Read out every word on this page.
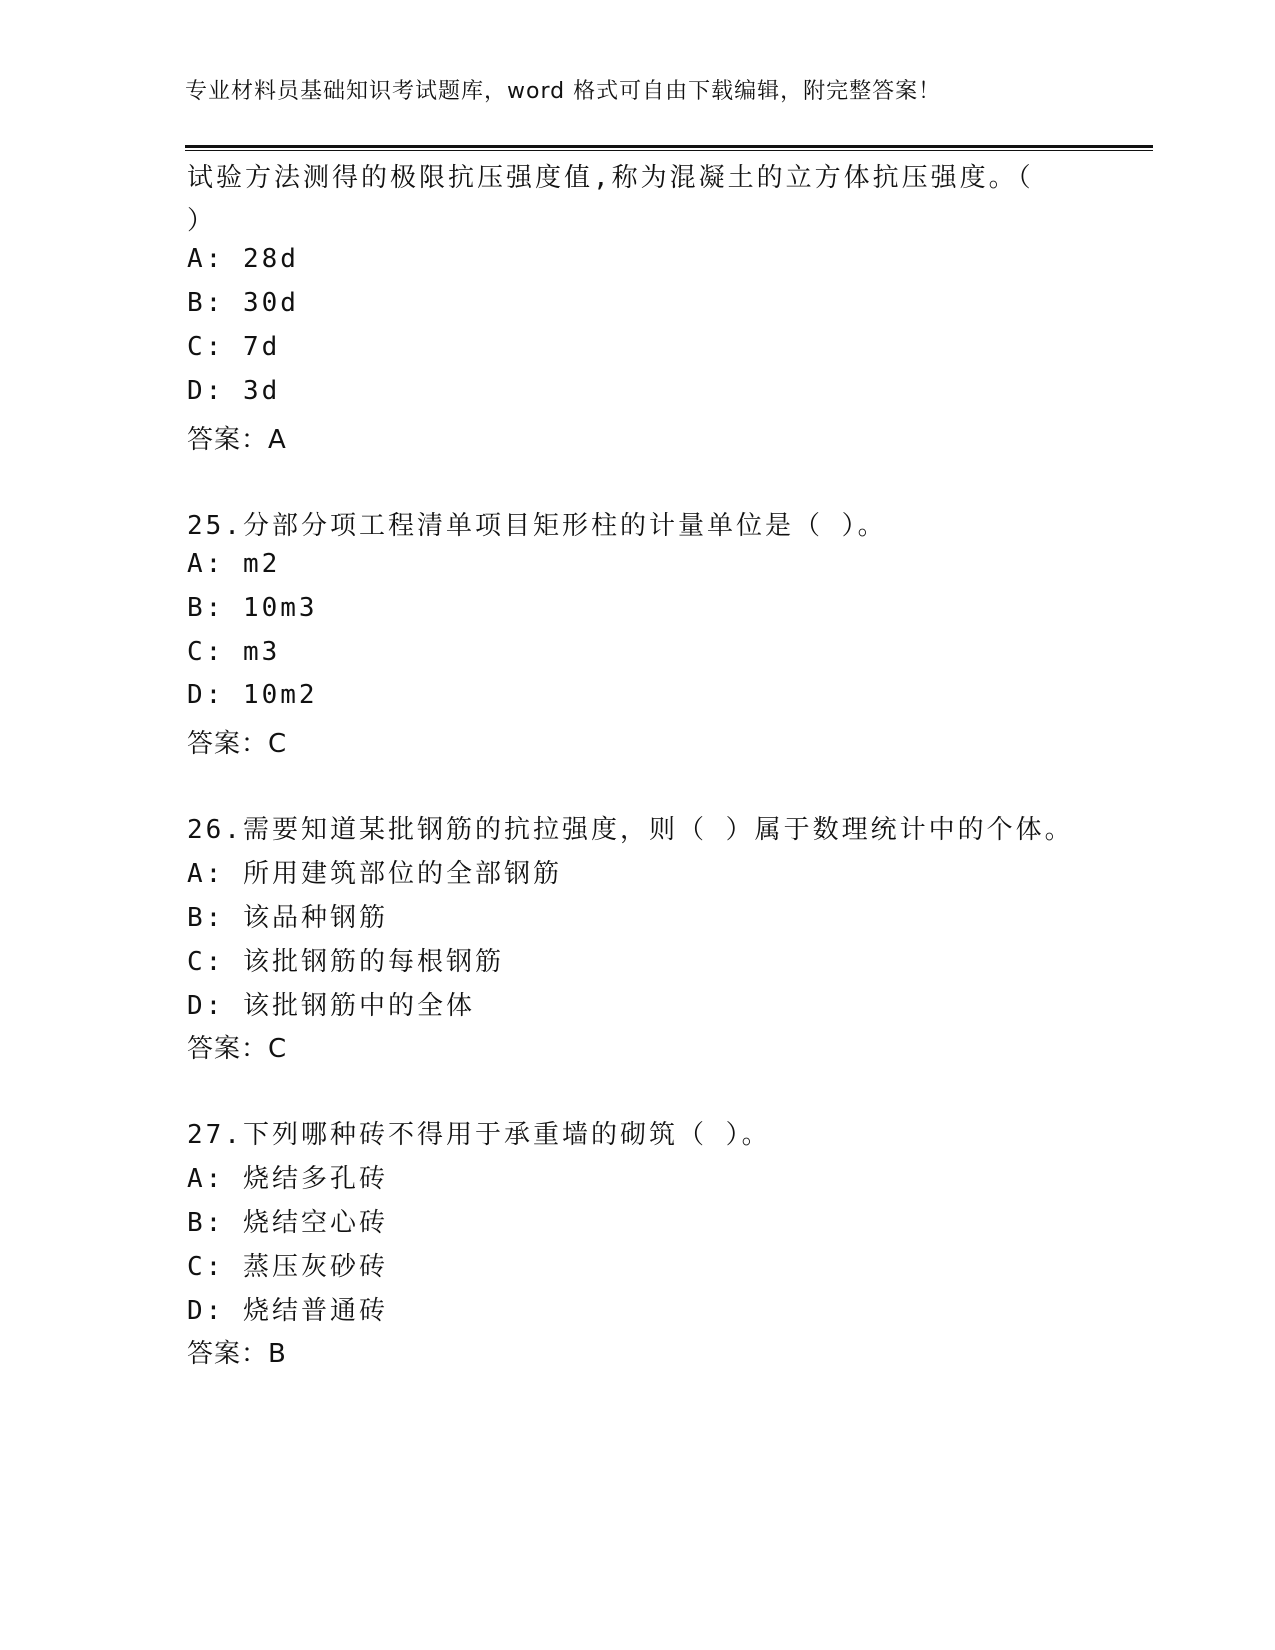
专业材料员基础知识考试题库，word 格式可自由下载编辑，附完整答案！
试验方法测得的极限抗压强度值,称为混凝土的立方体抗压强度。（
）
A: 28d
B: 30d
C: 7d
D: 3d
答案：A
25.分部分项工程清单项目矩形柱的计量单位是（ ）。
A: m2
B: 10m3
C: m3
D: 10m2
答案：C
26.需要知道某批钢筋的抗拉强度，则（ ）属于数理统计中的个体。
A: 所用建筑部位的全部钢筋
B: 该品种钢筋
C: 该批钢筋的每根钢筋
D: 该批钢筋中的全体
答案：C
27.下列哪种砖不得用于承重墙的砌筑（ ）。
A: 烧结多孔砖
B: 烧结空心砖
C: 蒸压灰砂砖
D: 烧结普通砖
答案：B
